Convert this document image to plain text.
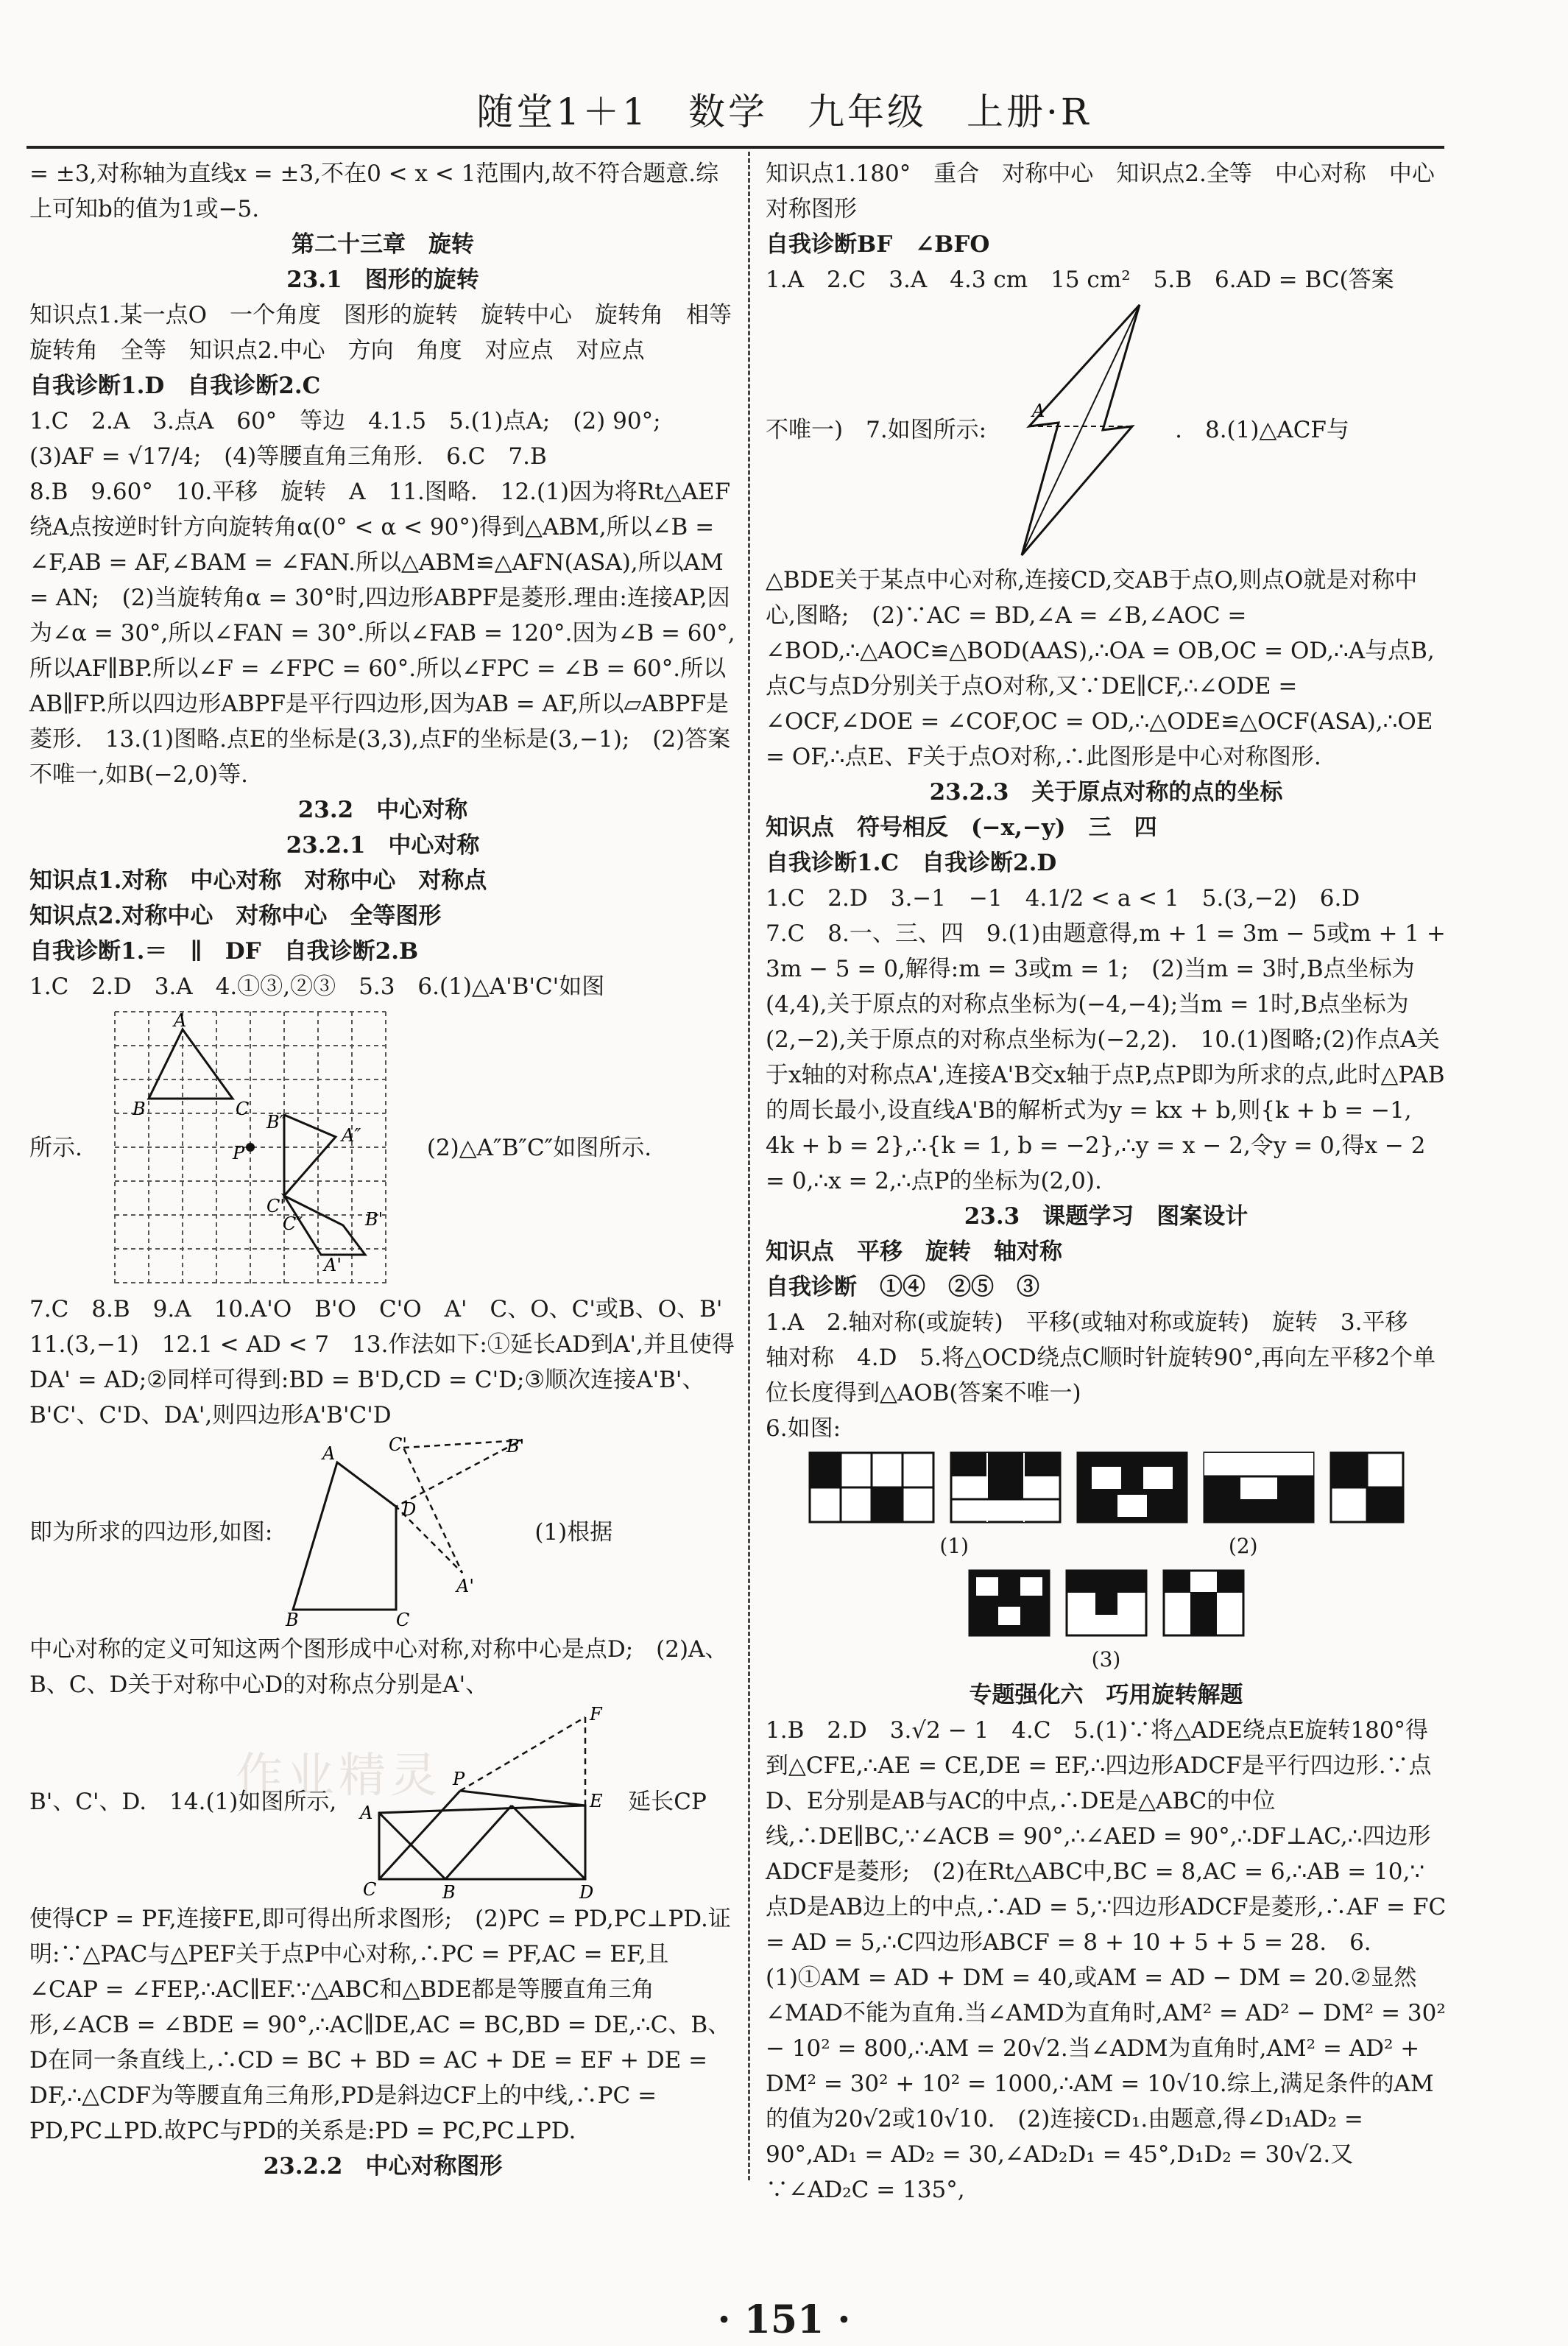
随堂1＋1　数学　九年级　上册·R
作业精灵

= ±3,对称轴为直线x = ±3,不在0 < x < 1范围内,故不符合题意.综上可知b的值为1或−5.

第二十三章　旋转

23.1　图形的旋转

知识点1.某一点O　一个角度　图形的旋转　旋转中心　旋转角　相等　旋转角　全等　知识点2.中心　方向　角度　对应点　对应点

自我诊断1.D　自我诊断2.C

1.C　2.A　3.点A　60°　等边　4.1.5　5.(1)点A;　(2) 90°;　(3)AF = √17/4;　(4)等腰直角三角形.　6.C　7.B

8.B　9.60°　10.平移　旋转　A　11.图略.　12.(1)因为将Rt△AEF绕A点按逆时针方向旋转角α(0° < α < 90°)得到△ABM,所以∠B = ∠F,AB = AF,∠BAM = ∠FAN.所以△ABM≌△AFN(ASA),所以AM = AN;　(2)当旋转角α = 30°时,四边形ABPF是菱形.理由:连接AP,因为∠α = 30°,所以∠FAN = 30°.所以∠FAB = 120°.因为∠B = 60°,所以AF∥BP.所以∠F = ∠FPC = 60°.所以∠FPC = ∠B = 60°.所以AB∥FP.所以四边形ABPF是平行四边形,因为AB = AF,所以▱ABPF是菱形.　13.(1)图略.点E的坐标是(3,3),点F的坐标是(3,−1);　(2)答案不唯一,如B(−2,0)等.

23.2　中心对称

23.2.1　中心对称

知识点1.对称　中心对称　对称中心　对称点

知识点2.对称中心　对称中心　全等图形

自我诊断1.＝　∥　DF　自我诊断2.B

1.C　2.D　3.A　4.①③,②③　5.3　6.(1)△A'B'C'如图

所示.
A
B	C
B″
P
A″
C'
C″	B'
A'
(2)△A″B″C″如图所示.

7.C　8.B　9.A　10.A'O　B'O　C'O　A'　C、O、C'或B、O、B'　11.(3,−1)　12.1 < AD < 7　13.作法如下:①延长AD到A',并且使得DA' = AD;②同样可得到:BD = B'D,CD = C'D;③顺次连接A'B'、B'C'、C'D、DA',则四边形A'B'C'D

即为所求的四边形,如图:
C'	B'
A
D
A'
B	C
(1)根据

中心对称的定义可知这两个图形成中心对称,对称中心是点D;　(2)A、B、C、D关于对称中心D的对称点分别是A'、

B'、C'、D.　14.(1)如图所示,
F
P
E
A
C	B	D
延长CP

使得CP = PF,连接FE,即可得出所求图形;　(2)PC = PD,PC⊥PD.证明:∵△PAC与△PEF关于点P中心对称,∴PC = PF,AC = EF,且∠CAP = ∠FEP,∴AC∥EF.∵△ABC和△BDE都是等腰直角三角形,∠ACB = ∠BDE = 90°,∴AC∥DE,AC = BC,BD = DE,∴C、B、D在同一条直线上,∴CD = BC + BD = AC + DE = EF + DE = DF,∴△CDF为等腰直角三角形,PD是斜边CF上的中线,∴PC = PD,PC⊥PD.故PC与PD的关系是:PD = PC,PC⊥PD.

23.2.2　中心对称图形

知识点1.180°　重合　对称中心　知识点2.全等　中心对称　中心对称图形

自我诊断BF　∠BFO

1.A　2.C　3.A　4.3 cm　15 cm²　5.B　6.AD = BC(答案

不唯一)　7.如图所示:
A
.　8.(1)△ACF与

△BDE关于某点中心对称,连接CD,交AB于点O,则点O就是对称中心,图略;　(2)∵AC = BD,∠A = ∠B,∠AOC = ∠BOD,∴△AOC≌△BOD(AAS),∴OA = OB,OC = OD,∴A与点B,点C与点D分别关于点O对称,又∵DE∥CF,∴∠ODE = ∠OCF,∠DOE = ∠COF,OC = OD,∴△ODE≌△OCF(ASA),∴OE = OF,∴点E、F关于点O对称,∴此图形是中心对称图形.

23.2.3　关于原点对称的点的坐标

知识点　符号相反　(−x,−y)　三　四

自我诊断1.C　自我诊断2.D

1.C　2.D　3.−1　−1　4.1/2 < a < 1　5.(3,−2)　6.D

7.C　8.一、三、四　9.(1)由题意得,m + 1 = 3m − 5或m + 1 + 3m − 5 = 0,解得:m = 3或m = 1;　(2)当m = 3时,B点坐标为(4,4),关于原点的对称点坐标为(−4,−4);当m = 1时,B点坐标为(2,−2),关于原点的对称点坐标为(−2,2).　10.(1)图略;(2)作点A关于x轴的对称点A',连接A'B交x轴于点P,点P即为所求的点,此时△PAB的周长最小,设直线A'B的解析式为y = kx + b,则{k + b = −1, 4k + b = 2},∴{k = 1, b = −2},∴y = x − 2,令y = 0,得x − 2 = 0,∴x = 2,∴点P的坐标为(2,0).

23.3　课题学习　图案设计

知识点　平移　旋转　轴对称

自我诊断　①④　②⑤　③

1.A　2.轴对称(或旋转)　平移(或轴对称或旋转)　旋转　3.平移　轴对称　4.D　5.将△OCD绕点C顺时针旋转90°,再向左平移2个单位长度得到△AOB(答案不唯一)

6.如图:

(1)	(2)

(3)

专题强化六　巧用旋转解题

1.B　2.D　3.√2 − 1　4.C　5.(1)∵将△ADE绕点E旋转180°得到△CFE,∴AE = CE,DE = EF,∴四边形ADCF是平行四边形.∵点D、E分别是AB与AC的中点,∴DE是△ABC的中位线,∴DE∥BC,∵∠ACB = 90°,∴∠AED = 90°,∴DF⊥AC,∴四边形ADCF是菱形;　(2)在Rt△ABC中,BC = 8,AC = 6,∴AB = 10,∵点D是AB边上的中点,∴AD = 5,∵四边形ADCF是菱形,∴AF = FC = AD = 5,∴C四边形ABCF = 8 + 10 + 5 + 5 = 28.　6.(1)①AM = AD + DM = 40,或AM = AD − DM = 20.②显然∠MAD不能为直角.当∠AMD为直角时,AM² = AD² − DM² = 30² − 10² = 800,∴AM = 20√2.当∠ADM为直角时,AM² = AD² + DM² = 30² + 10² = 1000,∴AM = 10√10.综上,满足条件的AM的值为20√2或10√10.　(2)连接CD₁.由题意,得∠D₁AD₂ = 90°,AD₁ = AD₂ = 30,∠AD₂D₁ = 45°,D₁D₂ = 30√2.又∵∠AD₂C = 135°,

· 151 ·
